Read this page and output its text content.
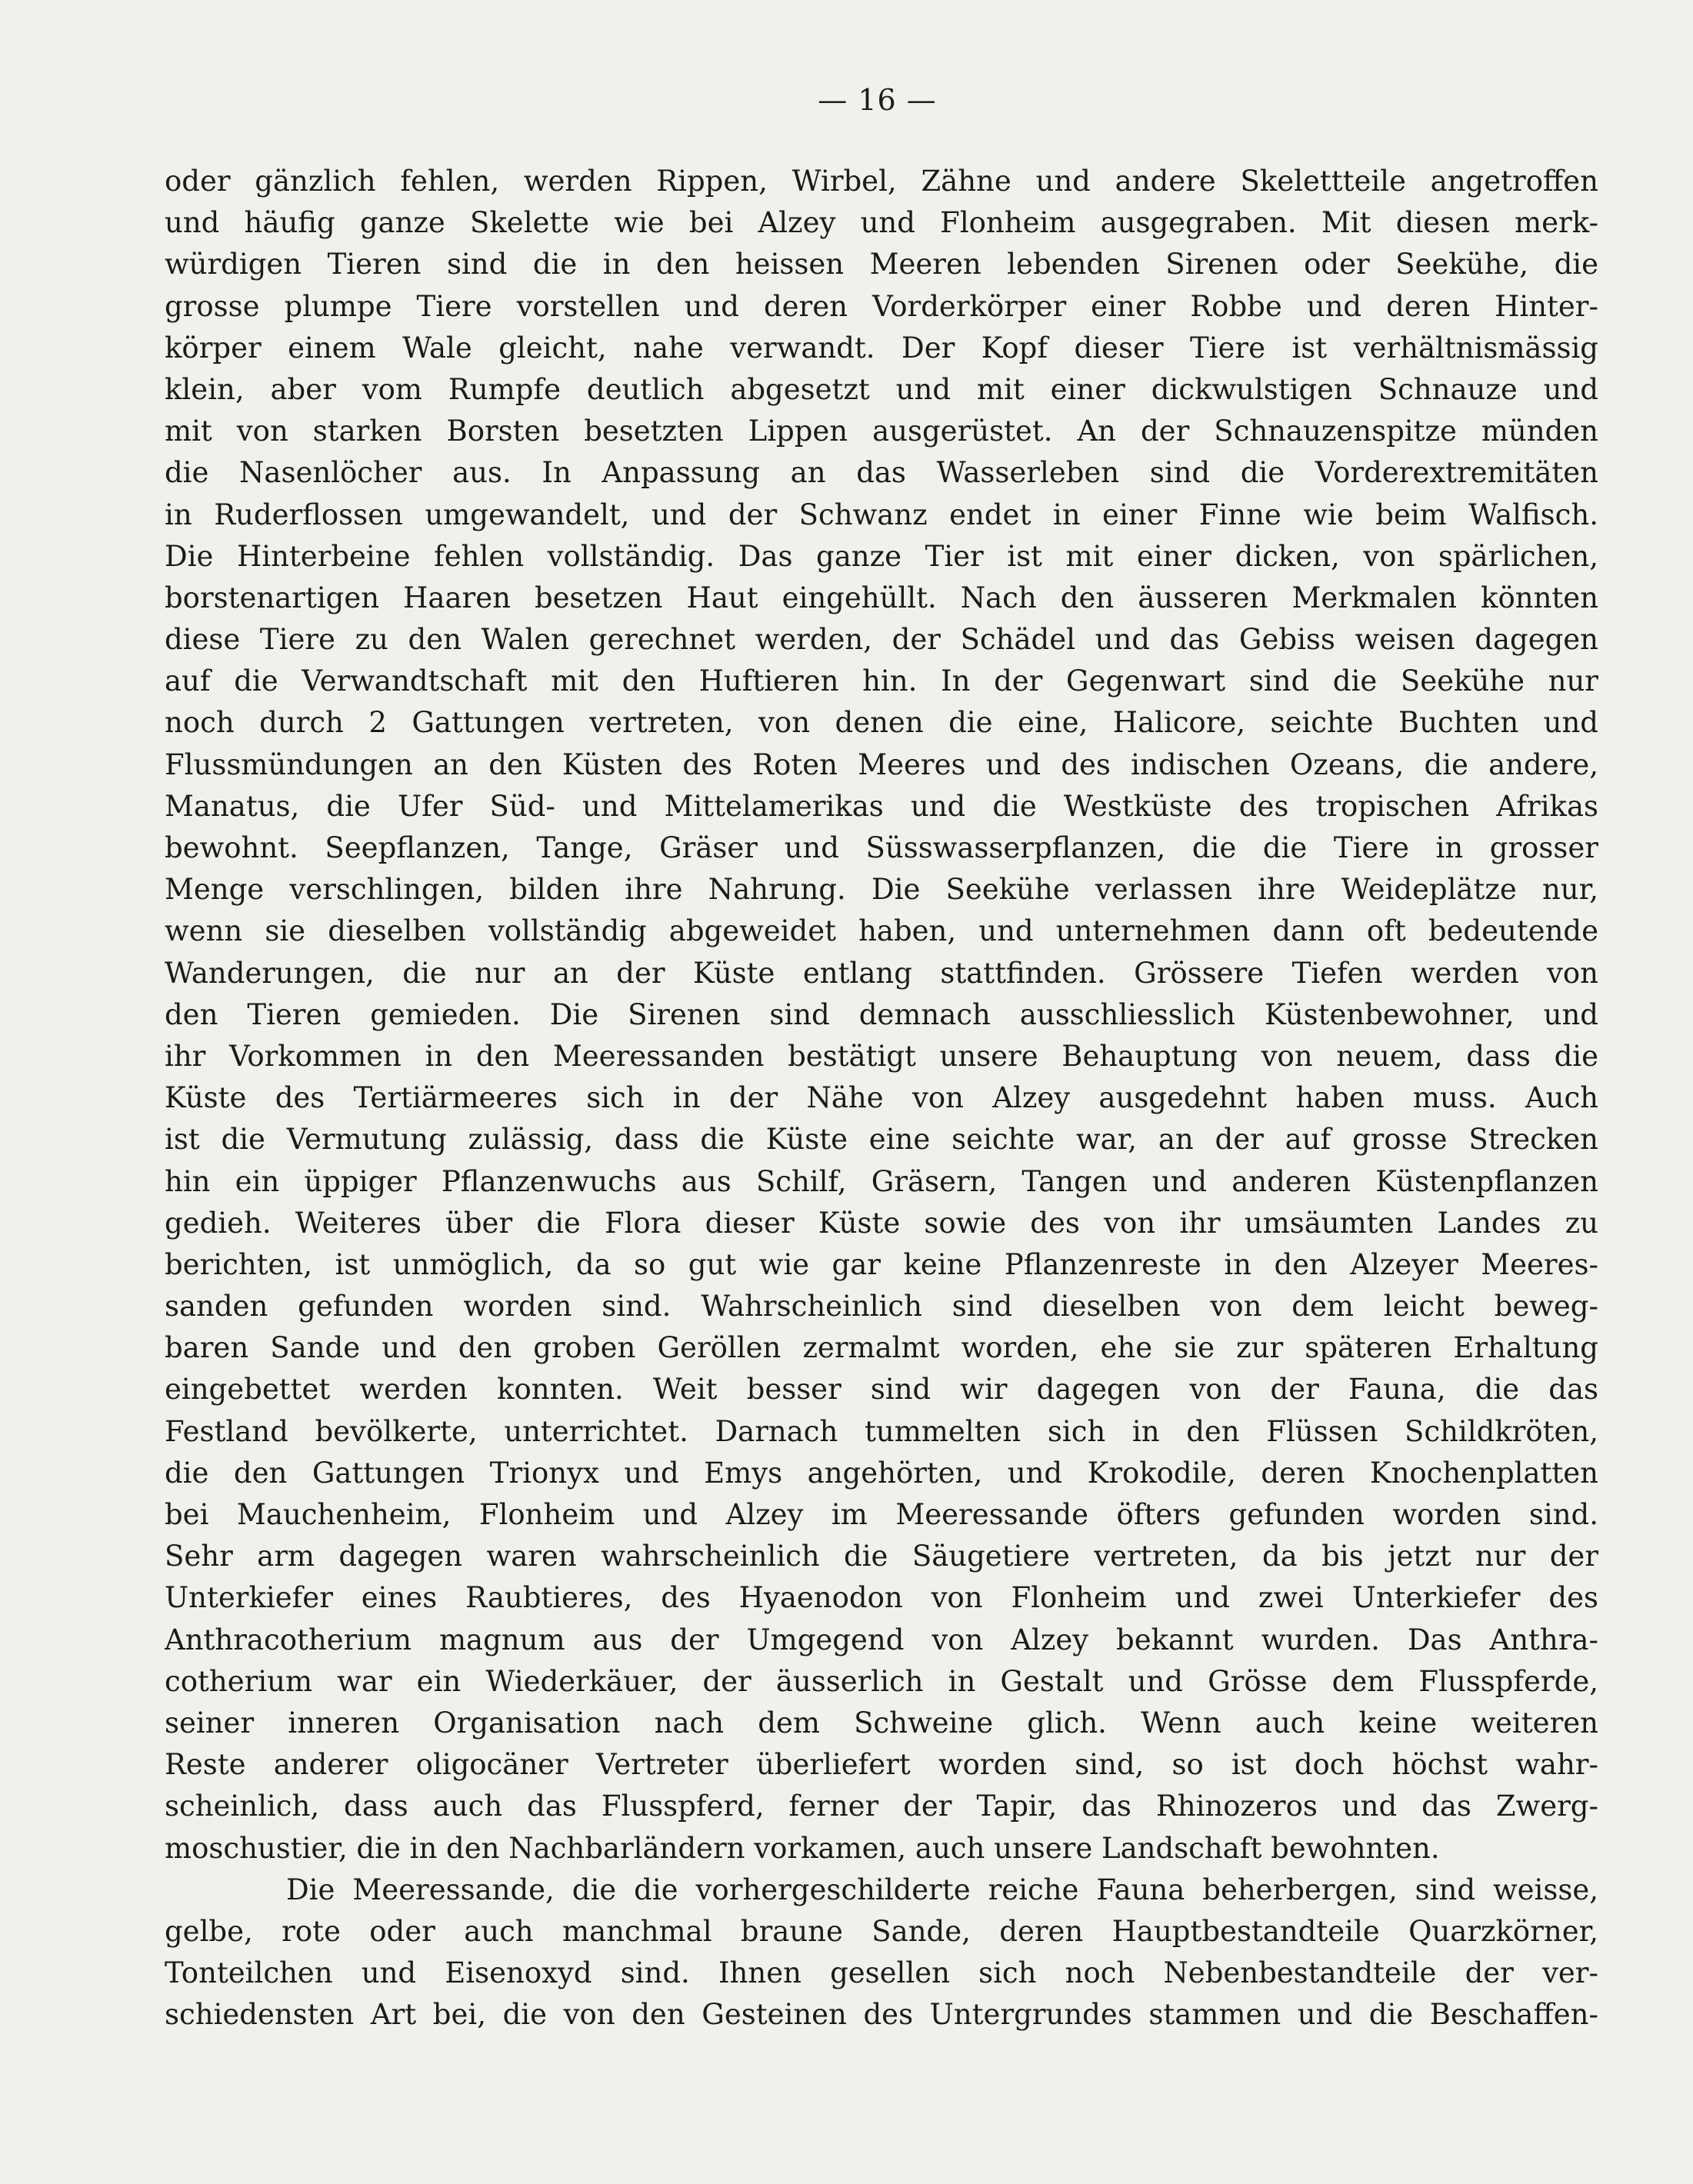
— 16 —
oder gänzlich fehlen, werden Rippen, Wirbel, Zähne und andere Skelettteile angetroffen
und häufig ganze Skelette wie bei Alzey und Flonheim ausgegraben. Mit diesen merk-
würdigen Tieren sind die in den heissen Meeren lebenden Sirenen oder Seekühe, die
grosse plumpe Tiere vorstellen und deren Vorderkörper einer Robbe und deren Hinter-
körper einem Wale gleicht, nahe verwandt. Der Kopf dieser Tiere ist verhältnismässig
klein, aber vom Rumpfe deutlich abgesetzt und mit einer dickwulstigen Schnauze und
mit von starken Borsten besetzten Lippen ausgerüstet. An der Schnauzenspitze münden
die Nasenlöcher aus. In Anpassung an das Wasserleben sind die Vorderextremitäten
in Ruderflossen umgewandelt, und der Schwanz endet in einer Finne wie beim Walfisch.
Die Hinterbeine fehlen vollständig. Das ganze Tier ist mit einer dicken, von spärlichen,
borstenartigen Haaren besetzen Haut eingehüllt. Nach den äusseren Merkmalen könnten
diese Tiere zu den Walen gerechnet werden, der Schädel und das Gebiss weisen dagegen
auf die Verwandtschaft mit den Huftieren hin. In der Gegenwart sind die Seekühe nur
noch durch 2 Gattungen vertreten, von denen die eine, Halicore, seichte Buchten und
Flussmündungen an den Küsten des Roten Meeres und des indischen Ozeans, die andere,
Manatus, die Ufer Süd- und Mittelamerikas und die Westküste des tropischen Afrikas
bewohnt. Seepflanzen, Tange, Gräser und Süsswasserpflanzen, die die Tiere in grosser
Menge verschlingen, bilden ihre Nahrung. Die Seekühe verlassen ihre Weideplätze nur,
wenn sie dieselben vollständig abgeweidet haben, und unternehmen dann oft bedeutende
Wanderungen, die nur an der Küste entlang stattfinden. Grössere Tiefen werden von
den Tieren gemieden. Die Sirenen sind demnach ausschliesslich Küstenbewohner, und
ihr Vorkommen in den Meeressanden bestätigt unsere Behauptung von neuem, dass die
Küste des Tertiärmeeres sich in der Nähe von Alzey ausgedehnt haben muss. Auch
ist die Vermutung zulässig, dass die Küste eine seichte war, an der auf grosse Strecken
hin ein üppiger Pflanzenwuchs aus Schilf, Gräsern, Tangen und anderen Küstenpflanzen
gedieh. Weiteres über die Flora dieser Küste sowie des von ihr umsäumten Landes zu
berichten, ist unmöglich, da so gut wie gar keine Pflanzenreste in den Alzeyer Meeres-
sanden gefunden worden sind. Wahrscheinlich sind dieselben von dem leicht beweg-
baren Sande und den groben Geröllen zermalmt worden, ehe sie zur späteren Erhaltung
eingebettet werden konnten. Weit besser sind wir dagegen von der Fauna, die das
Festland bevölkerte, unterrichtet. Darnach tummelten sich in den Flüssen Schildkröten,
die den Gattungen Trionyx und Emys angehörten, und Krokodile, deren Knochenplatten
bei Mauchenheim, Flonheim und Alzey im Meeressande öfters gefunden worden sind.
Sehr arm dagegen waren wahrscheinlich die Säugetiere vertreten, da bis jetzt nur der
Unterkiefer eines Raubtieres, des Hyaenodon von Flonheim und zwei Unterkiefer des
Anthracotherium magnum aus der Umgegend von Alzey bekannt wurden. Das Anthra-
cotherium war ein Wiederkäuer, der äusserlich in Gestalt und Grösse dem Flusspferde,
seiner inneren Organisation nach dem Schweine glich. Wenn auch keine weiteren
Reste anderer oligocäner Vertreter überliefert worden sind, so ist doch höchst wahr-
scheinlich, dass auch das Flusspferd, ferner der Tapir, das Rhinozeros und das Zwerg-
moschustier, die in den Nachbarländern vorkamen, auch unsere Landschaft bewohnten.
Die Meeressande, die die vorhergeschilderte reiche Fauna beherbergen, sind weisse,
gelbe, rote oder auch manchmal braune Sande, deren Hauptbestandteile Quarzkörner,
Tonteilchen und Eisenoxyd sind. Ihnen gesellen sich noch Nebenbestandteile der ver-
schiedensten Art bei, die von den Gesteinen des Untergrundes stammen und die Beschaffen-
